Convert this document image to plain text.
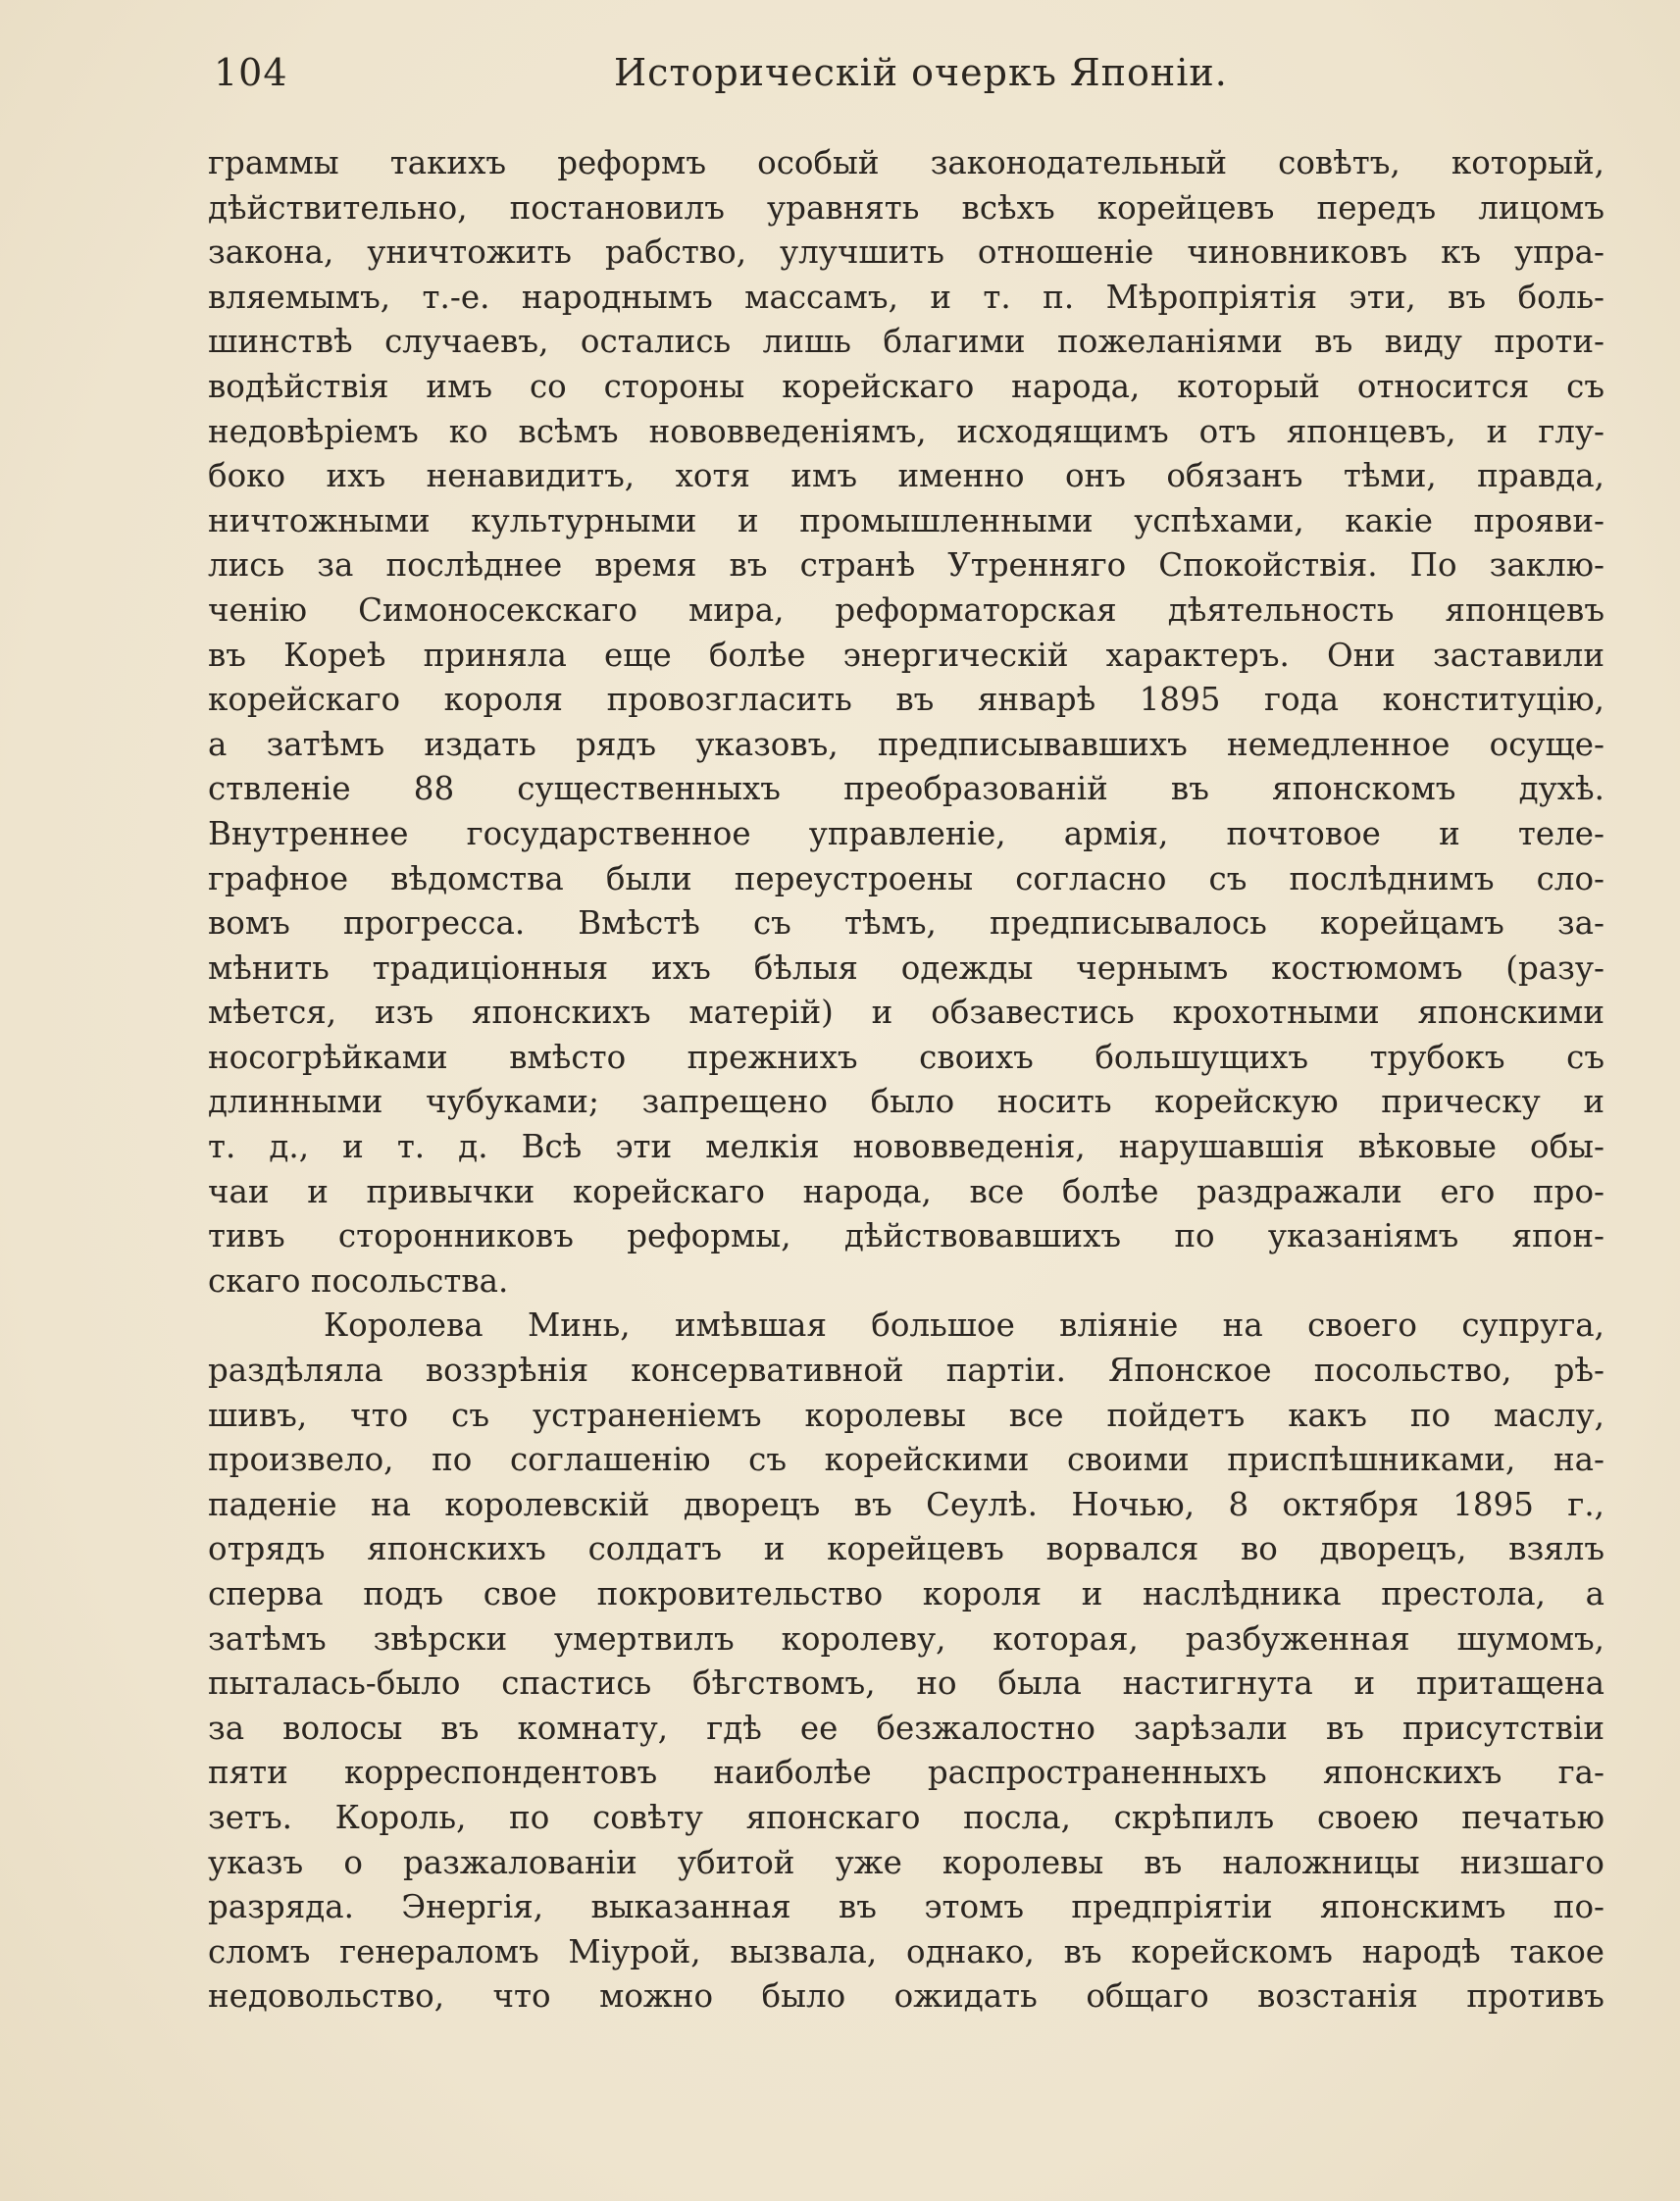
104	Историческій очеркъ Японіи.
граммы такихъ реформъ особый законодательный совѣтъ, который,
дѣйствительно, постановилъ уравнять всѣхъ корейцевъ передъ лицомъ
закона, уничтожить рабство, улучшить отношеніе чиновниковъ къ упра-
вляемымъ, т.-е. народнымъ массамъ, и т. п. Мѣропріятія эти, въ боль-
шинствѣ случаевъ, остались лишь благими пожеланіями въ виду проти-
водѣйствія имъ со стороны корейскаго народа, который относится съ
недовѣріемъ ко всѣмъ нововведеніямъ, исходящимъ отъ японцевъ, и глу-
боко ихъ ненавидитъ, хотя имъ именно онъ обязанъ тѣми, правда,
ничтожными культурными и промышленными успѣхами, какіе прояви-
лись за послѣднее время въ странѣ Утренняго Спокойствія. По заклю-
ченію Симоносекскаго мира, реформаторская дѣятельность японцевъ
въ Кореѣ приняла еще болѣе энергическій характеръ. Они заставили
корейскаго короля провозгласить въ январѣ 1895 года конституцію,
а затѣмъ издать рядъ указовъ, предписывавшихъ немедленное осуще-
ствленіе 88 существенныхъ преобразованій въ японскомъ духѣ.
Внутреннее государственное управленіе, армія, почтовое и теле-
графное вѣдомства были переустроены согласно съ послѣднимъ сло-
вомъ прогресса. Вмѣстѣ съ тѣмъ, предписывалось корейцамъ за-
мѣнить традиціонныя ихъ бѣлыя одежды чернымъ костюмомъ (разу-
мѣется, изъ японскихъ матерій) и обзавестись крохотными японскими
носогрѣйками вмѣсто прежнихъ своихъ большущихъ трубокъ съ
длинными чубуками; запрещено было носить корейскую прическу и
т. д., и т. д. Всѣ эти мелкія нововведенія, нарушавшія вѣковые обы-
чаи и привычки корейскаго народа, все болѣе раздражали его про-
тивъ сторонниковъ реформы, дѣйствовавшихъ по указаніямъ япон-
скаго посольства.
Королева Минь, имѣвшая большое вліяніе на своего супруга,
раздѣляла воззрѣнія консервативной партіи. Японское посольство, рѣ-
шивъ, что съ устраненіемъ королевы все пойдетъ какъ по маслу,
произвело, по соглашенію съ корейскими своими приспѣшниками, на-
паденіе на королевскій дворецъ въ Сеулѣ. Ночью, 8 октября 1895 г.,
отрядъ японскихъ солдатъ и корейцевъ ворвался во дворецъ, взялъ
сперва подъ свое покровительство короля и наслѣдника престола, а
затѣмъ звѣрски умертвилъ королеву, которая, разбуженная шумомъ,
пыталась-было спастись бѣгствомъ, но была настигнута и притащена
за волосы въ комнату, гдѣ ее безжалостно зарѣзали въ присутствіи
пяти корреспондентовъ наиболѣе распространенныхъ японскихъ га-
зетъ. Король, по совѣту японскаго посла, скрѣпилъ своею печатью
указъ о разжалованіи убитой уже королевы въ наложницы низшаго
разряда. Энергія, выказанная въ этомъ предпріятіи японскимъ по-
сломъ генераломъ Міурой, вызвала, однако, въ корейскомъ народѣ такое
недовольство, что можно было ожидать общаго возстанія противъ
